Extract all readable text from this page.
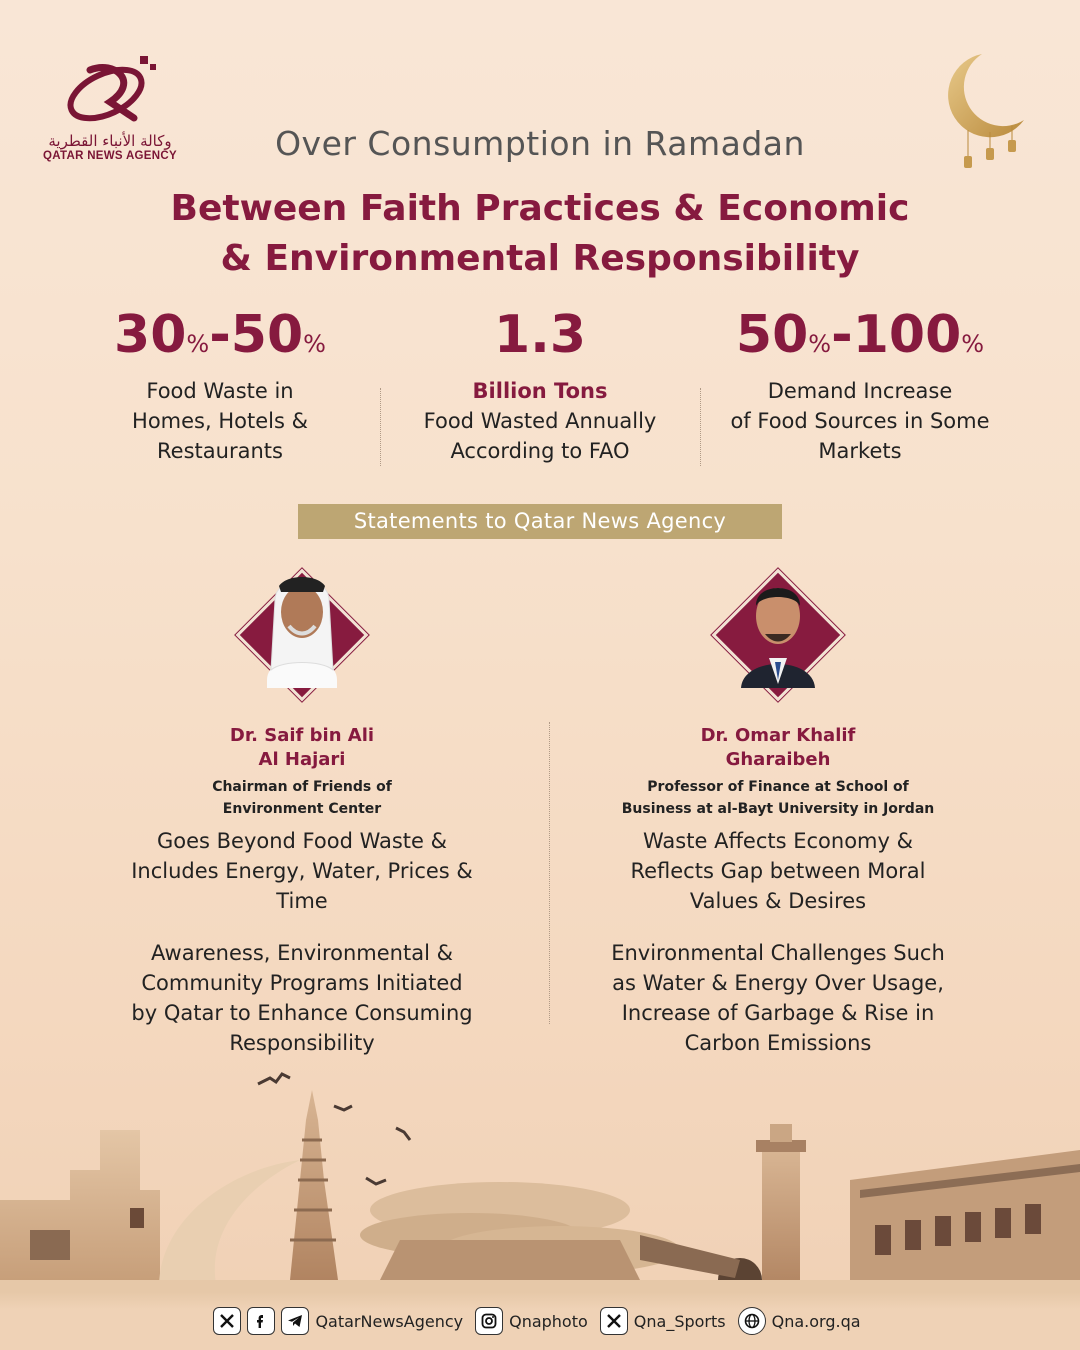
وكالة الأنباء القطرية
QATAR NEWS AGENCY	Over Consumption in Ramadan
Between Faith Practices & Economic
& Environmental Responsibility
30%-50%
Food Waste in
Homes, Hotels &
Restaurants
1.3
Billion Tons
Food Wasted Annually
According to FAO
50%-100%
Demand Increase
of Food Sources in Some
Markets
Statements to Qatar News Agency
Dr. Saif bin Ali
Al Hajari
Chairman of Friends of
Environment Center
Goes Beyond Food Waste &
Includes Energy, Water, Prices &
Time
Awareness, Environmental &
Community Programs Initiated
by Qatar to Enhance Consuming
Responsibility
Dr. Omar Khalif
Gharaibeh
Professor of Finance at School of
Business at al-Bayt University in Jordan
Waste Affects Economy &
Reflects Gap between Moral
Values & Desires
Environmental Challenges Such
as Water & Energy Over Usage,
Increase of Garbage & Rise in
Carbon Emissions
QatarNewsAgency	Qnaphoto	Qna_Sports	Qna.org.qa
